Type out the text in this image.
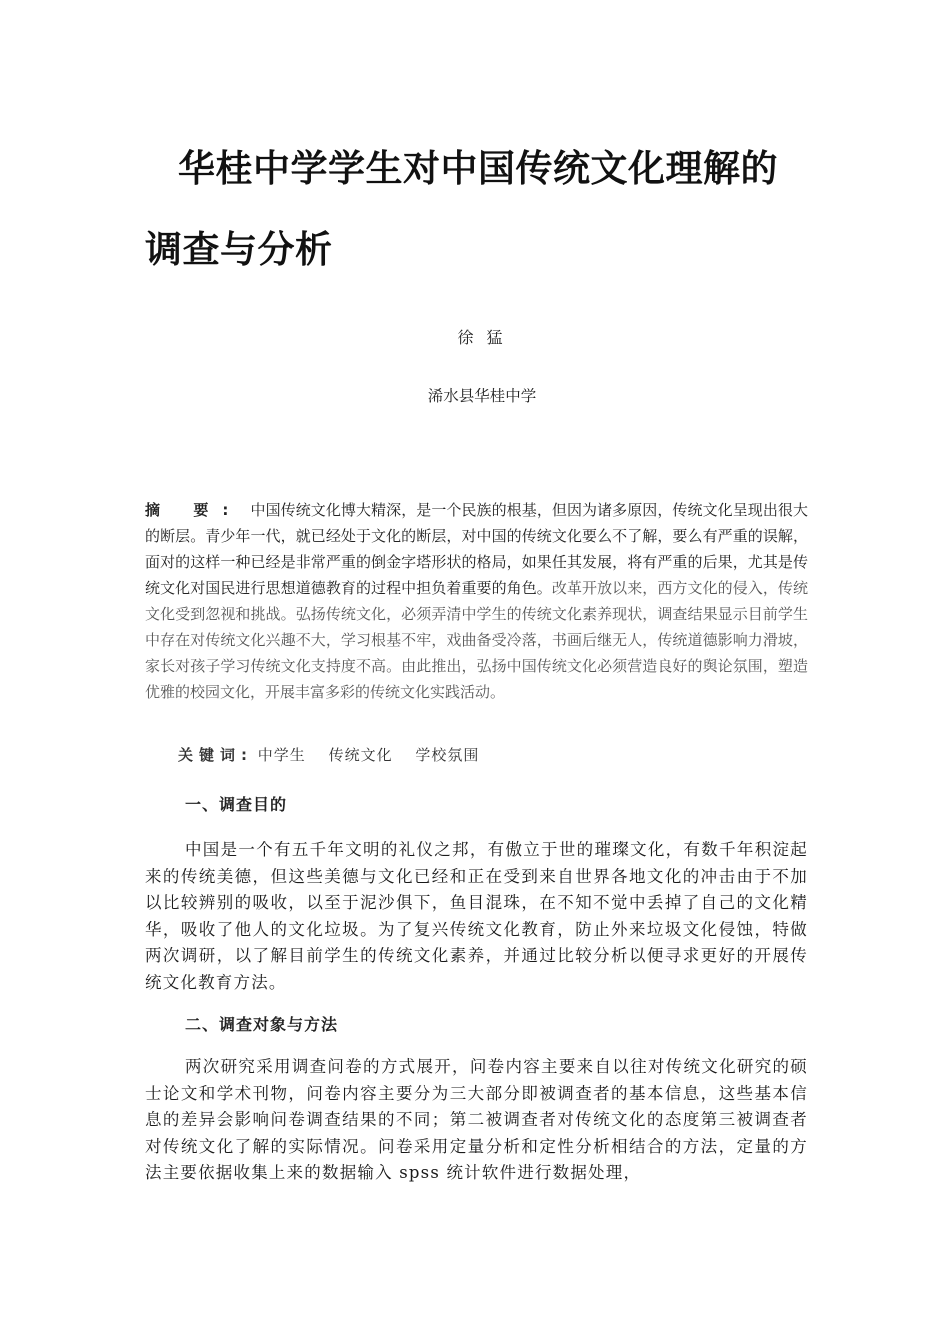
华桂中学学生对中国传统文化理解的调查与分析
徐 猛
浠水县华桂中学

摘 要: 中国传统文化博大精深，是一个民族的根基，但因为诸多原因，传统文化呈现出很大的断层。青少年一代，就已经处于文化的断层，对中国的传统文化要么不了解，要么有严重的误解，面对的这样一种已经是非常严重的倒金字塔形状的格局，如果任其发展，将有严重的后果，尤其是传统文化对国民进行思想道德教育的过程中担负着重要的角色。改革开放以来，西方文化的侵入，传统文化受到忽视和挑战。弘扬传统文化，必须弄清中学生的传统文化素养现状，调查结果显示目前学生中存在对传统文化兴趣不大，学习根基不牢，戏曲备受冷落，书画后继无人，传统道德影响力滑坡，家长对孩子学习传统文化支持度不高。由此推出，弘扬中国传统文化必须营造良好的舆论氛围，塑造优雅的校园文化，开展丰富多彩的传统文化实践活动。

关键词: 中学生 传统文化 学校氛围
一、调查目的

中国是一个有五千年文明的礼仪之邦，有傲立于世的璀璨文化，有数千年积淀起来的传统美德，但这些美德与文化已经和正在受到来自世界各地文化的冲击由于不加以比较辨别的吸收，以至于泥沙俱下，鱼目混珠，在不知不觉中丢掉了自己的文化精华，吸收了他人的文化垃圾。为了复兴传统文化教育，防止外来垃圾文化侵蚀，特做两次调研，以了解目前学生的传统文化素养，并通过比较分析以便寻求更好的开展传统文化教育方法。

二、调查对象与方法

两次研究采用调查问卷的方式展开，问卷内容主要来自以往对传统文化研究的硕士论文和学术刊物，问卷内容主要分为三大部分即被调查者的基本信息，这些基本信息的差异会影响问卷调查结果的不同；第二被调查者对传统文化的态度第三被调查者对传统文化了解的实际情况。问卷采用定量分析和定性分析相结合的方法，定量的方法主要依据收集上来的数据输入 spss 统计软件进行数据处理，
